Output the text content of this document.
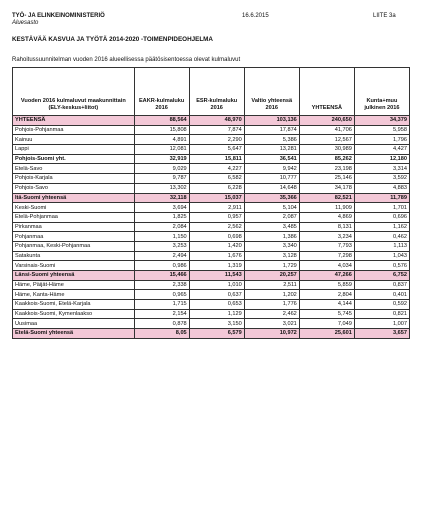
TYÖ- JA ELINKEINOMINISTERIÖ
Aluesasto
16.6.2015	LIITE 3a
KESTÄVÄÄ KASVUA JA TYÖTÄ 2014-2020 -TOIMENPIDEOHJELMA
Rahoitussuunnitelman vuoden 2016 alueellisessa päätösisentoessa olevat kulmaluvut
Vuoden 2016 kulmaluvut maakunnittain (ELY-keskus+liitot)	EAKR-kulmaluku 2016	ESR-kulmaluku 2016	Valtio yhteensä 2016	YHTEENSÄ	Kunta+muu julkinen 2016
YHTEENSÄ	88,564	48,970	103,136	240,650	34,379
Pohjois-Pohjanmaa	15,808	7,874	17,874	41,706	5,958
Kainuu	4,891	2,290	5,386	12,567	1,796
Lappi	12,081	5,647	13,281	30,989	4,427
Pohjois-Suomi yht.	32,919	15,811	36,541	85,262	12,180
Etelä-Savo	9,029	4,227	9,942	23,198	3,314
Pohjois-Karjala	9,787	6,582	10,777	25,146	3,592
Pohjois-Savo	13,302	6,228	14,648	34,178	4,883
Itä-Suomi yhteensä	32,118	15,037	35,366	82,521	11,789
Keski-Suomi	3,694	2,911	5,104	11,909	1,701
Etelä-Pohjanmaa	1,825	0,957	2,087	4,869	0,696
Pirkanmaa	2,084	2,562	3,485	8,131	1,162
Pohjanmaa	1,150	0,698	1,386	3,234	0,462
Pohjanmaa, Keski-Pohjanmaa	3,253	1,420	3,340	7,793	1,113
Satakunta	2,494	1,676	3,128	7,298	1,043
Varsinais-Suomi	0,986	1,319	1,729	4,034	0,576
Länsi-Suomi yhteensä	15,466	11,543	20,257	47,266	6,752
Häme, Päijät-Häme	2,338	1,010	2,511	5,859	0,837
Häme, Kanta-Häme	0,965	0,637	1,202	2,804	0,401
Kaakkois-Suomi, Etelä-Karjala	1,715	0,653	1,776	4,144	0,592
Kaakkois-Suomi, Kymenlaakso	2,154	1,129	2,462	5,745	0,821
Uusimaa	0,878	3,150	3,021	7,049	1,007
Etelä-Suomi yhteensä	8,05	6,579	10,972	25,601	3,657
